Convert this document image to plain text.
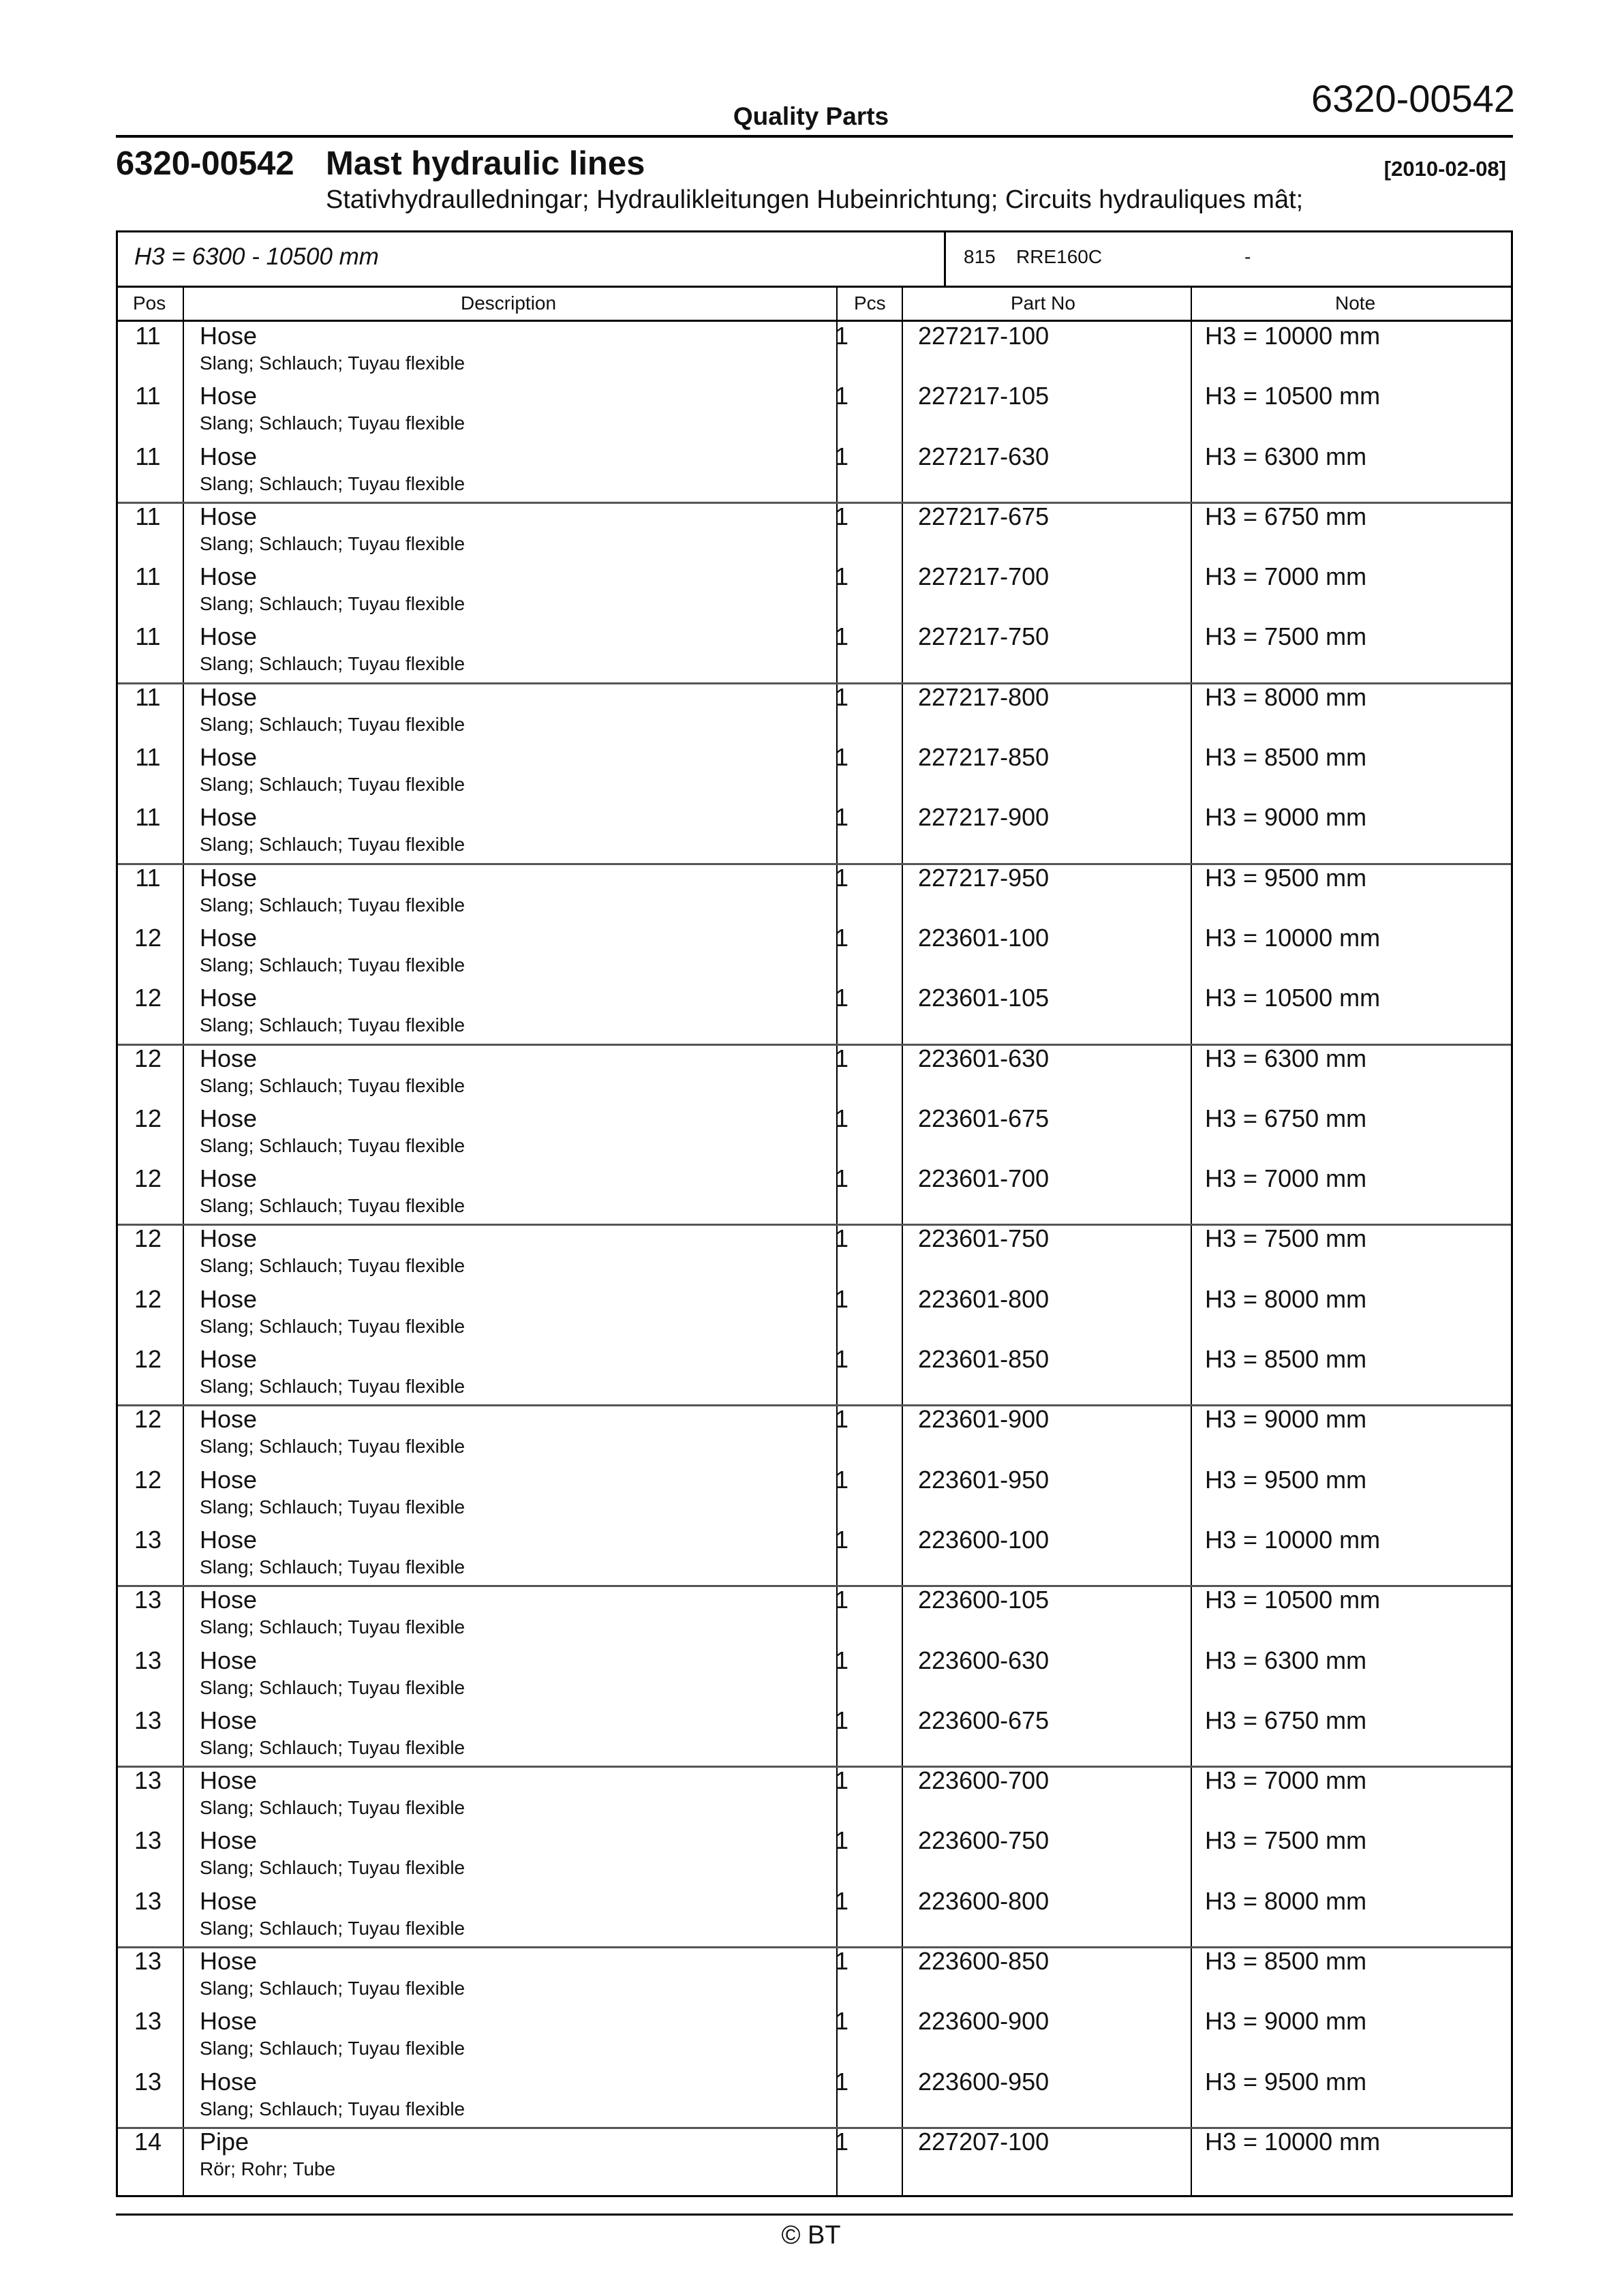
Quality Parts	6320-00542
6320-00542 Mast hydraulic lines	[2010-02-08]
Stativhydraulledningar; Hydraulikleitungen Hubeinrichtung; Circuits hydrauliques mât;
H3 = 6300 - 10500 mm	815 RRE160C	-
Pos	Description	Pcs	Part No	Note
11	Hose
Slang; Schlauch; Tuyau flexible
1	227217-100	H3 = 10000 mm
11	Hose
Slang; Schlauch; Tuyau flexible
1	227217-105	H3 = 10500 mm
11	Hose
Slang; Schlauch; Tuyau flexible
1	227217-630	H3 = 6300 mm
11	Hose
Slang; Schlauch; Tuyau flexible
1	227217-675	H3 = 6750 mm
11	Hose
Slang; Schlauch; Tuyau flexible
1	227217-700	H3 = 7000 mm
11	Hose
Slang; Schlauch; Tuyau flexible
1	227217-750	H3 = 7500 mm
11	Hose
Slang; Schlauch; Tuyau flexible
1	227217-800	H3 = 8000 mm
11	Hose
Slang; Schlauch; Tuyau flexible
1	227217-850	H3 = 8500 mm
11	Hose
Slang; Schlauch; Tuyau flexible
1	227217-900	H3 = 9000 mm
11	Hose
Slang; Schlauch; Tuyau flexible
1	227217-950	H3 = 9500 mm
12	Hose
Slang; Schlauch; Tuyau flexible
1	223601-100	H3 = 10000 mm
12	Hose
Slang; Schlauch; Tuyau flexible
1	223601-105	H3 = 10500 mm
12	Hose
Slang; Schlauch; Tuyau flexible
1	223601-630	H3 = 6300 mm
12	Hose
Slang; Schlauch; Tuyau flexible
1	223601-675	H3 = 6750 mm
12	Hose
Slang; Schlauch; Tuyau flexible
1	223601-700	H3 = 7000 mm
12	Hose
Slang; Schlauch; Tuyau flexible
1	223601-750	H3 = 7500 mm
12	Hose
Slang; Schlauch; Tuyau flexible
1	223601-800	H3 = 8000 mm
12	Hose
Slang; Schlauch; Tuyau flexible
1	223601-850	H3 = 8500 mm
12	Hose
Slang; Schlauch; Tuyau flexible
1	223601-900	H3 = 9000 mm
12	Hose
Slang; Schlauch; Tuyau flexible
1	223601-950	H3 = 9500 mm
13	Hose
Slang; Schlauch; Tuyau flexible
1	223600-100	H3 = 10000 mm
13	Hose
Slang; Schlauch; Tuyau flexible
1	223600-105	H3 = 10500 mm
13	Hose
Slang; Schlauch; Tuyau flexible
1	223600-630	H3 = 6300 mm
13	Hose
Slang; Schlauch; Tuyau flexible
1	223600-675	H3 = 6750 mm
13	Hose
Slang; Schlauch; Tuyau flexible
1	223600-700	H3 = 7000 mm
13	Hose
Slang; Schlauch; Tuyau flexible
1	223600-750	H3 = 7500 mm
13	Hose
Slang; Schlauch; Tuyau flexible
1	223600-800	H3 = 8000 mm
13	Hose
Slang; Schlauch; Tuyau flexible
1	223600-850	H3 = 8500 mm
13	Hose
Slang; Schlauch; Tuyau flexible
1	223600-900	H3 = 9000 mm
13	Hose
Slang; Schlauch; Tuyau flexible
1	223600-950	H3 = 9500 mm
14	Pipe
Rör; Rohr; Tube
1	227207-100	H3 = 10000 mm
© BT
